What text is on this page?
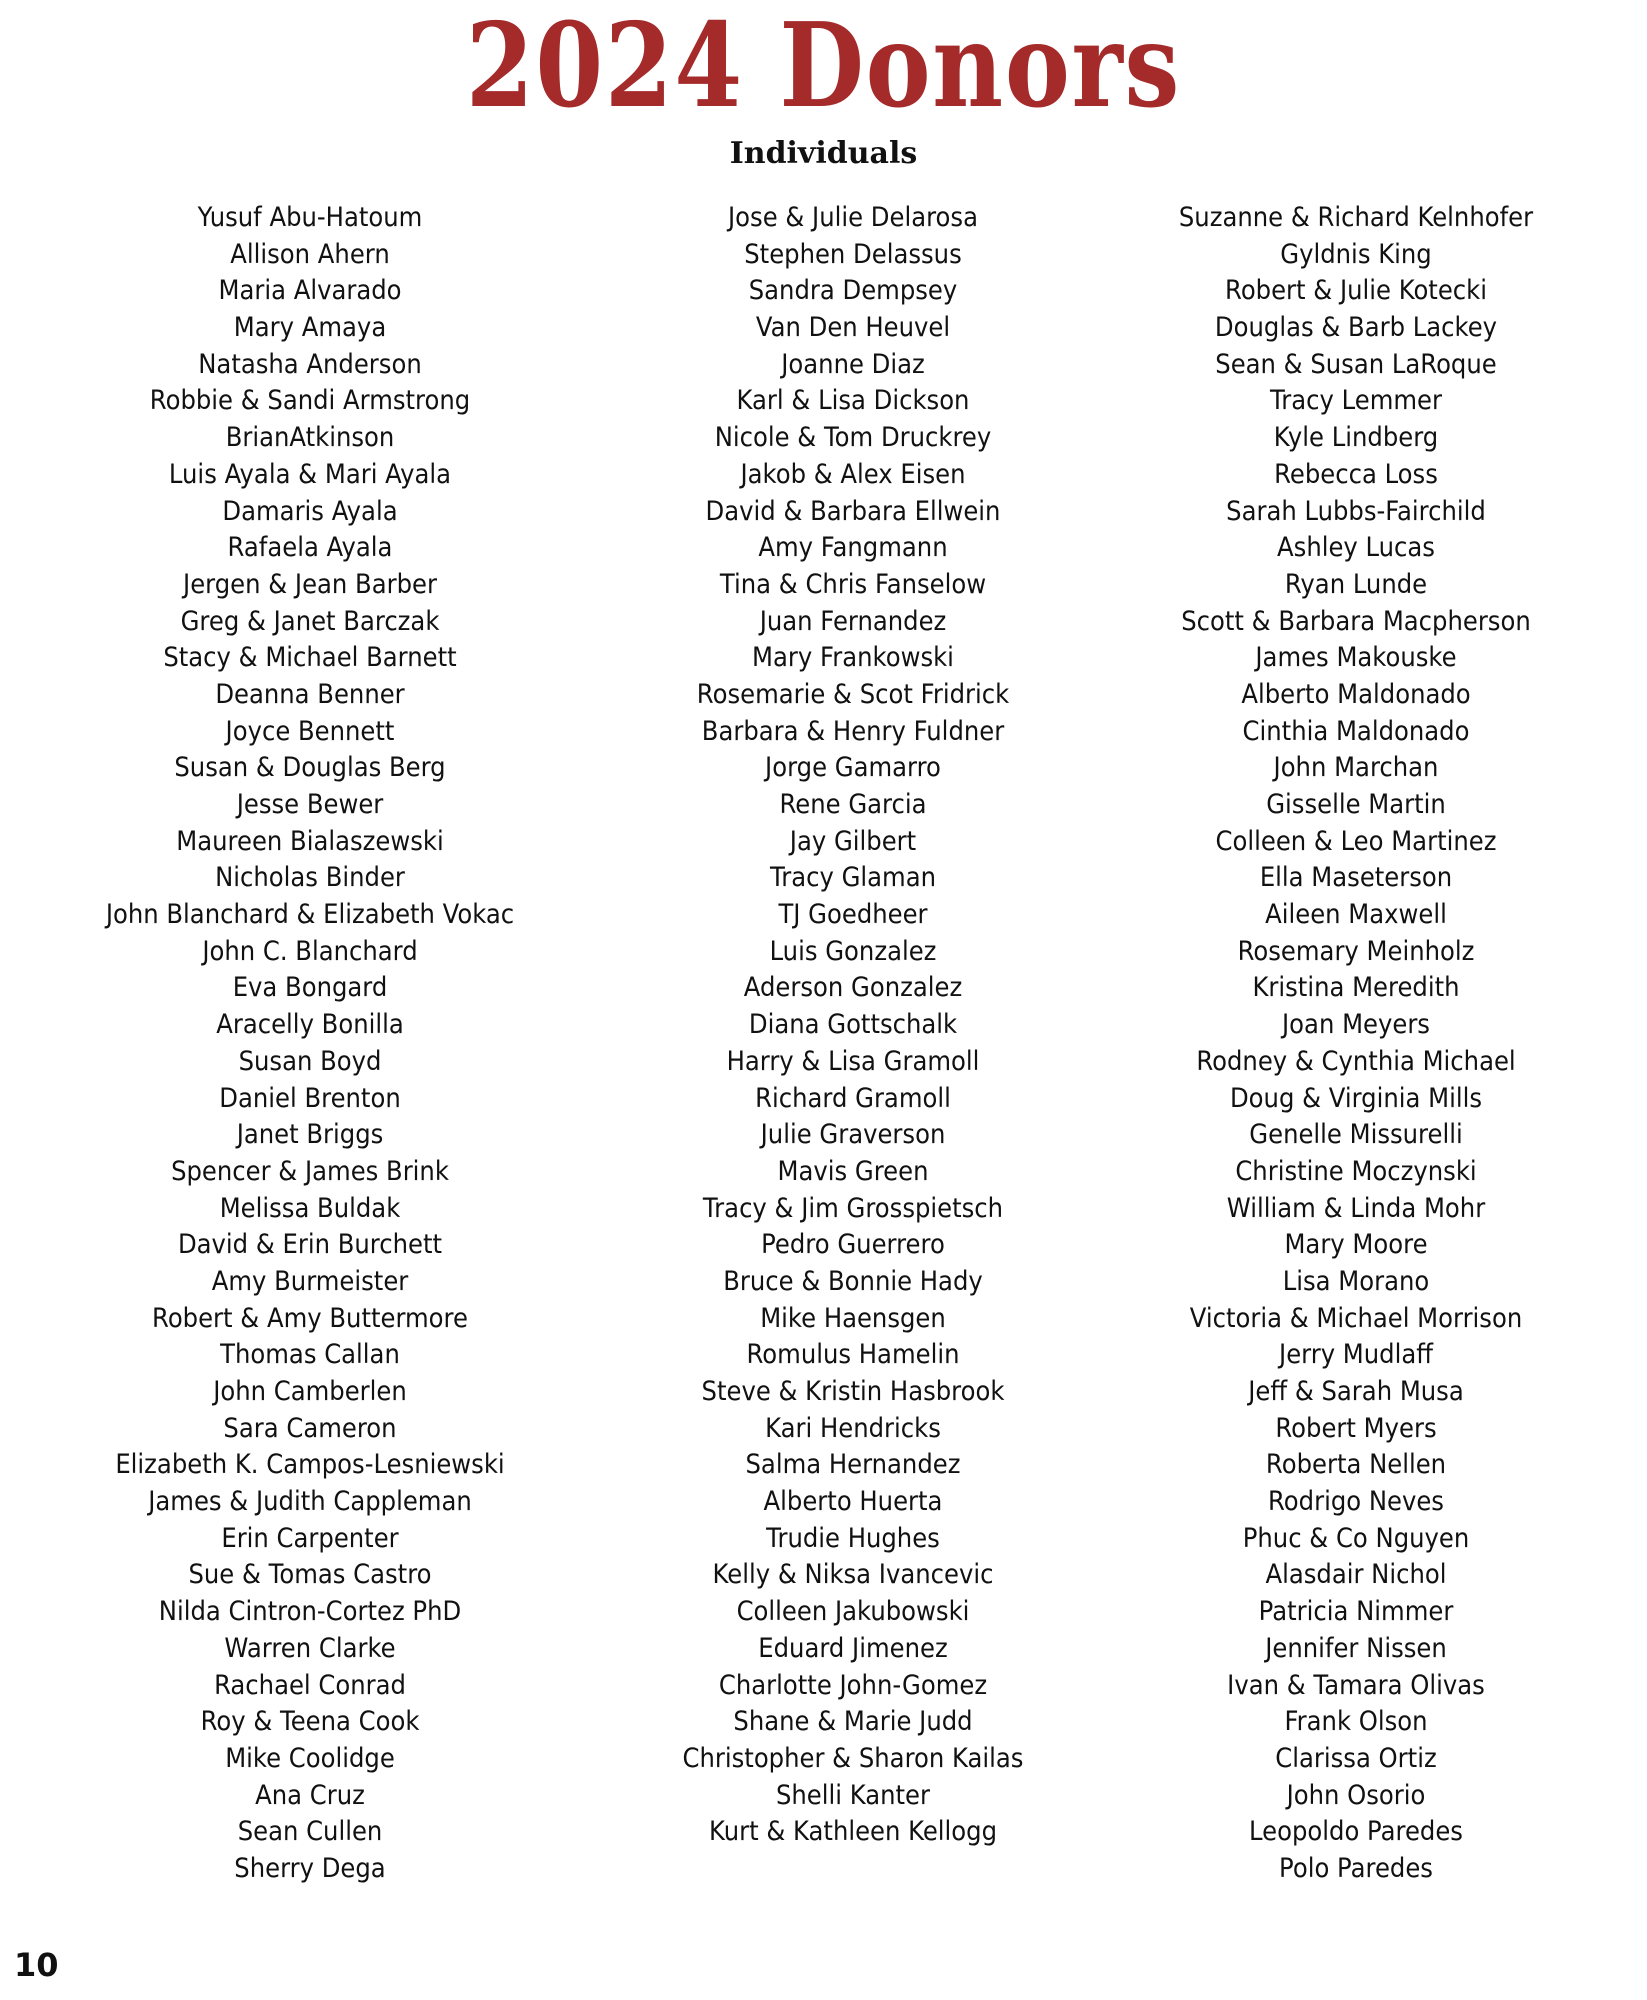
2024 Donors
Individuals
Yusuf Abu-Hatoum
Allison Ahern
Maria Alvarado
Mary Amaya
Natasha Anderson
Robbie & Sandi Armstrong
BrianAtkinson
Luis Ayala & Mari Ayala
Damaris Ayala
Rafaela Ayala
Jergen & Jean Barber
Greg & Janet Barczak
Stacy & Michael Barnett
Deanna Benner
Joyce Bennett
Susan & Douglas Berg
Jesse Bewer
Maureen Bialaszewski
Nicholas Binder
John Blanchard & Elizabeth Vokac
John C. Blanchard
Eva Bongard
Aracelly Bonilla
Susan Boyd
Daniel Brenton
Janet Briggs
Spencer & James Brink
Melissa Buldak
David & Erin Burchett
Amy Burmeister
Robert & Amy Buttermore
Thomas Callan
John Camberlen
Sara Cameron
Elizabeth K. Campos-Lesniewski
James & Judith Cappleman
Erin Carpenter
Sue & Tomas Castro
Nilda Cintron-Cortez PhD
Warren Clarke
Rachael Conrad
Roy & Teena Cook
Mike Coolidge
Ana Cruz
Sean Cullen
Sherry Dega
Jose & Julie Delarosa
Stephen Delassus
Sandra Dempsey
Van Den Heuvel
Joanne Diaz
Karl & Lisa Dickson
Nicole & Tom Druckrey
Jakob & Alex Eisen
David & Barbara Ellwein
Amy Fangmann
Tina & Chris Fanselow
Juan Fernandez
Mary Frankowski
Rosemarie & Scot Fridrick
Barbara & Henry Fuldner
Jorge Gamarro
Rene Garcia
Jay Gilbert
Tracy Glaman
TJ Goedheer
Luis Gonzalez
Aderson Gonzalez
Diana Gottschalk
Harry & Lisa Gramoll
Richard Gramoll
Julie Graverson
Mavis Green
Tracy & Jim Grosspietsch
Pedro Guerrero
Bruce & Bonnie Hady
Mike Haensgen
Romulus Hamelin
Steve & Kristin Hasbrook
Kari Hendricks
Salma Hernandez
Alberto Huerta
Trudie Hughes
Kelly & Niksa Ivancevic
Colleen Jakubowski
Eduard Jimenez
Charlotte John-Gomez
Shane & Marie Judd
Christopher & Sharon Kailas
Shelli Kanter
Kurt & Kathleen Kellogg
Suzanne & Richard Kelnhofer
Gyldnis King
Robert & Julie Kotecki
Douglas & Barb Lackey
Sean & Susan LaRoque
Tracy Lemmer
Kyle Lindberg
Rebecca Loss
Sarah Lubbs-Fairchild
Ashley Lucas
Ryan Lunde
Scott & Barbara Macpherson
James Makouske
Alberto Maldonado
Cinthia Maldonado
John Marchan
Gisselle Martin
Colleen & Leo Martinez
Ella Maseterson
Aileen Maxwell
Rosemary Meinholz
Kristina Meredith
Joan Meyers
Rodney & Cynthia Michael
Doug & Virginia Mills
Genelle Missurelli
Christine Moczynski
William & Linda Mohr
Mary Moore
Lisa Morano
Victoria & Michael Morrison
Jerry Mudlaff
Jeff & Sarah Musa
Robert Myers
Roberta Nellen
Rodrigo Neves
Phuc & Co Nguyen
Alasdair Nichol
Patricia Nimmer
Jennifer Nissen
Ivan & Tamara Olivas
Frank Olson
Clarissa Ortiz
John Osorio
Leopoldo Paredes
Polo Paredes
10
